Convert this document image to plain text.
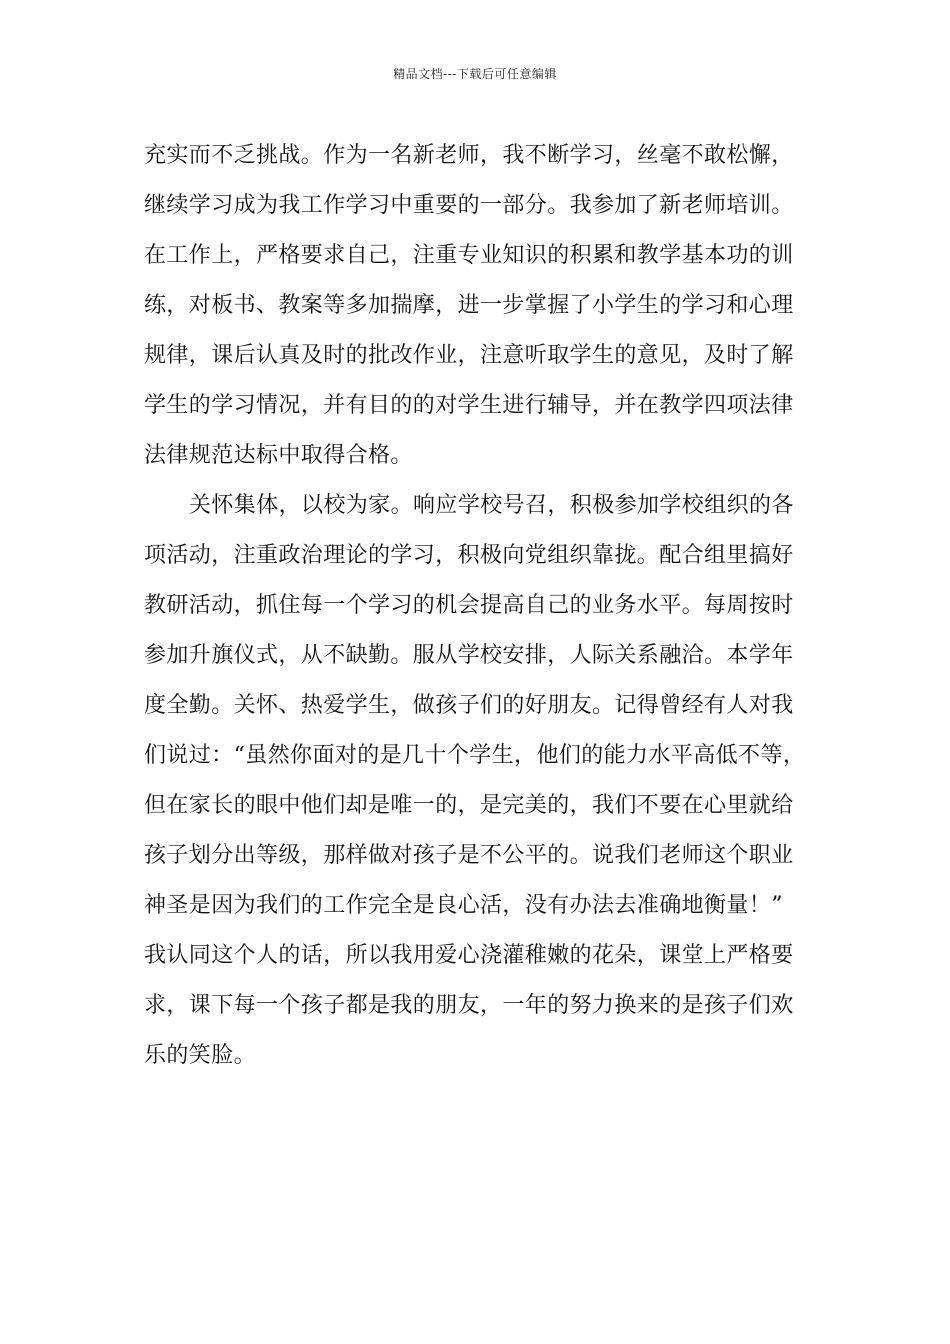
精品文档---下载后可任意编辑
充实而不乏挑战。作为一名新老师，我不断学习，丝毫不敢松懈，
继续学习成为我工作学习中重要的一部分。我参加了新老师培训。
在工作上，严格要求自己，注重专业知识的积累和教学基本功的训
练，对板书、教案等多加揣摩，进一步掌握了小学生的学习和心理
规律，课后认真及时的批改作业，注意听取学生的意见，及时了解
学生的学习情况，并有目的的对学生进行辅导，并在教学四项法律
法律规范达标中取得合格。
关怀集体，以校为家。响应学校号召，积极参加学校组织的各
项活动，注重政治理论的学习，积极向党组织靠拢。配合组里搞好
教研活动，抓住每一个学习的机会提高自己的业务水平。每周按时
参加升旗仪式，从不缺勤。服从学校安排，人际关系融洽。本学年
度全勤。关怀、热爱学生，做孩子们的好朋友。记得曾经有人对我
们说过：“虽然你面对的是几十个学生，他们的能力水平高低不等，
但在家长的眼中他们却是唯一的，是完美的，我们不要在心里就给
孩子划分出等级，那样做对孩子是不公平的。说我们老师这个职业
神圣是因为我们的工作完全是良心活，没有办法去准确地衡量！”
我认同这个人的话，所以我用爱心浇灌稚嫩的花朵，课堂上严格要
求，课下每一个孩子都是我的朋友，一年的努力换来的是孩子们欢
乐的笑脸。
